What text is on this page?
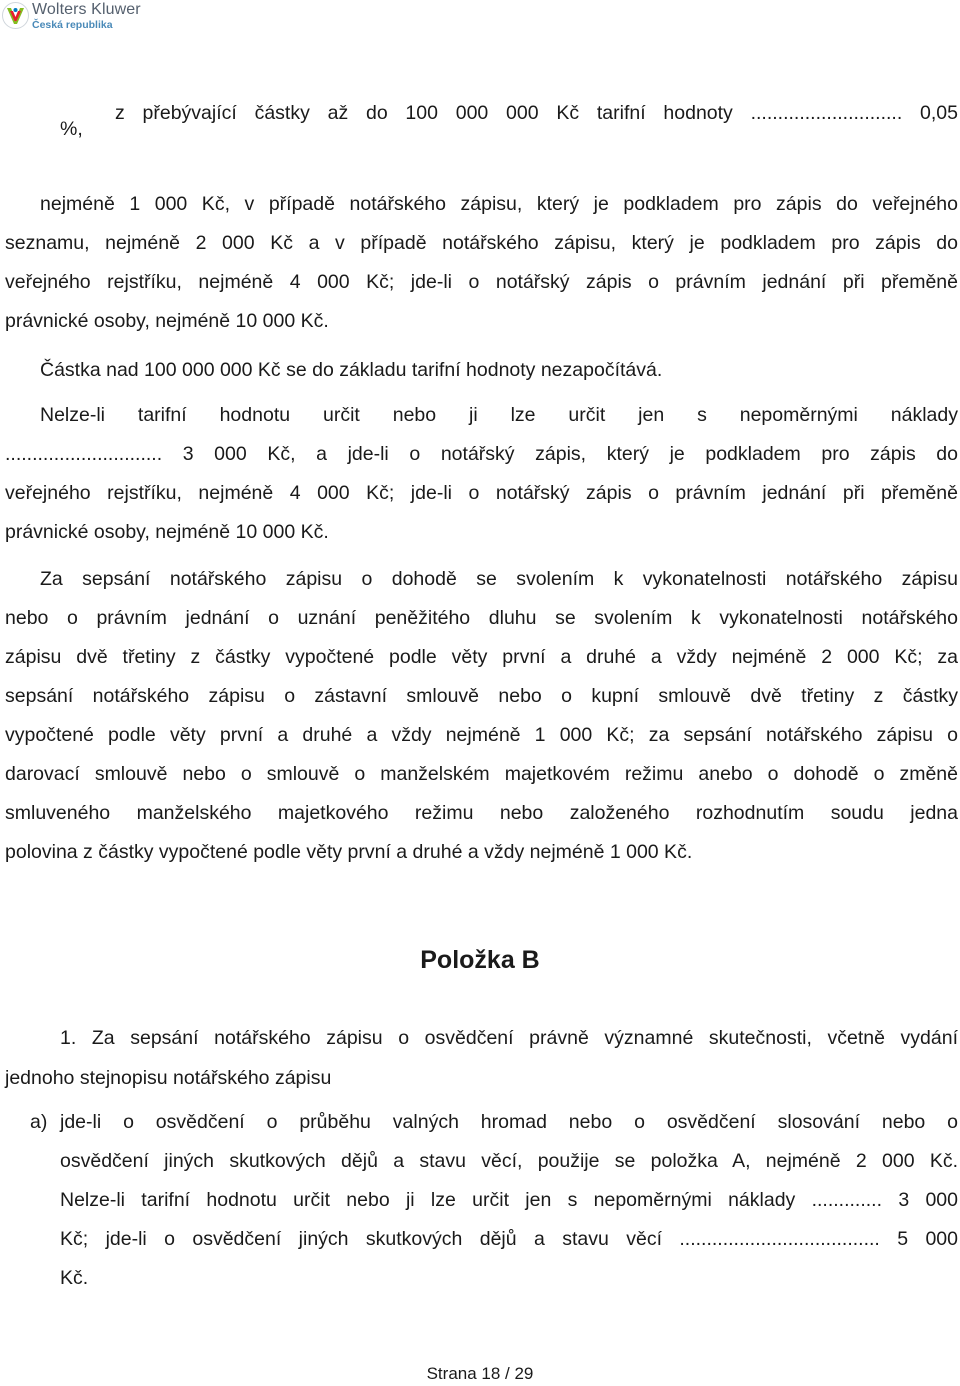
Wolters Kluwer
Česká republika
z přebývající částky až do 100 000 000 Kč tarifní hodnoty ............................ 0,05
%,
nejméně 1 000 Kč, v případě notářského zápisu, který je podkladem pro zápis do veřejného
seznamu, nejméně 2 000 Kč a v případě notářského zápisu, který je podkladem pro zápis do
veřejného rejstříku, nejméně 4 000 Kč; jde-li o notářský zápis o právním jednání při přeměně
právnické osoby, nejméně 10 000 Kč.
Částka nad 100 000 000 Kč se do základu tarifní hodnoty nezapočítává.
Nelze-li tarifní hodnotu určit nebo ji lze určit jen s nepoměrnými náklady
............................. 3 000 Kč, a jde-li o notářský zápis, který je podkladem pro zápis do
veřejného rejstříku, nejméně 4 000 Kč; jde-li o notářský zápis o právním jednání při přeměně
právnické osoby, nejméně 10 000 Kč.
Za sepsání notářského zápisu o dohodě se svolením k vykonatelnosti notářského zápisu
nebo o právním jednání o uznání peněžitého dluhu se svolením k vykonatelnosti notářského
zápisu dvě třetiny z částky vypočtené podle věty první a druhé a vždy nejméně 2 000 Kč; za
sepsání notářského zápisu o zástavní smlouvě nebo o kupní smlouvě dvě třetiny z částky
vypočtené podle věty první a druhé a vždy nejméně 1 000 Kč; za sepsání notářského zápisu o
darovací smlouvě nebo o smlouvě o manželském majetkovém režimu anebo o dohodě o změně
smluveného manželského majetkového režimu nebo založeného rozhodnutím soudu jedna
polovina z částky vypočtené podle věty první a druhé a vždy nejméně 1 000 Kč.
Položka B
1. Za sepsání notářského zápisu o osvědčení právně významné skutečnosti, včetně vydání
jednoho stejnopisu notářského zápisu
a) jde-li o osvědčení o průběhu valných hromad nebo o osvědčení slosování nebo o
osvědčení jiných skutkových dějů a stavu věcí, použije se položka A, nejméně 2 000 Kč.
Nelze-li tarifní hodnotu určit nebo ji lze určit jen s nepoměrnými náklady ............. 3 000
Kč; jde-li o osvědčení jiných skutkových dějů a stavu věcí ..................................... 5 000
Kč.
Strana 18 / 29
